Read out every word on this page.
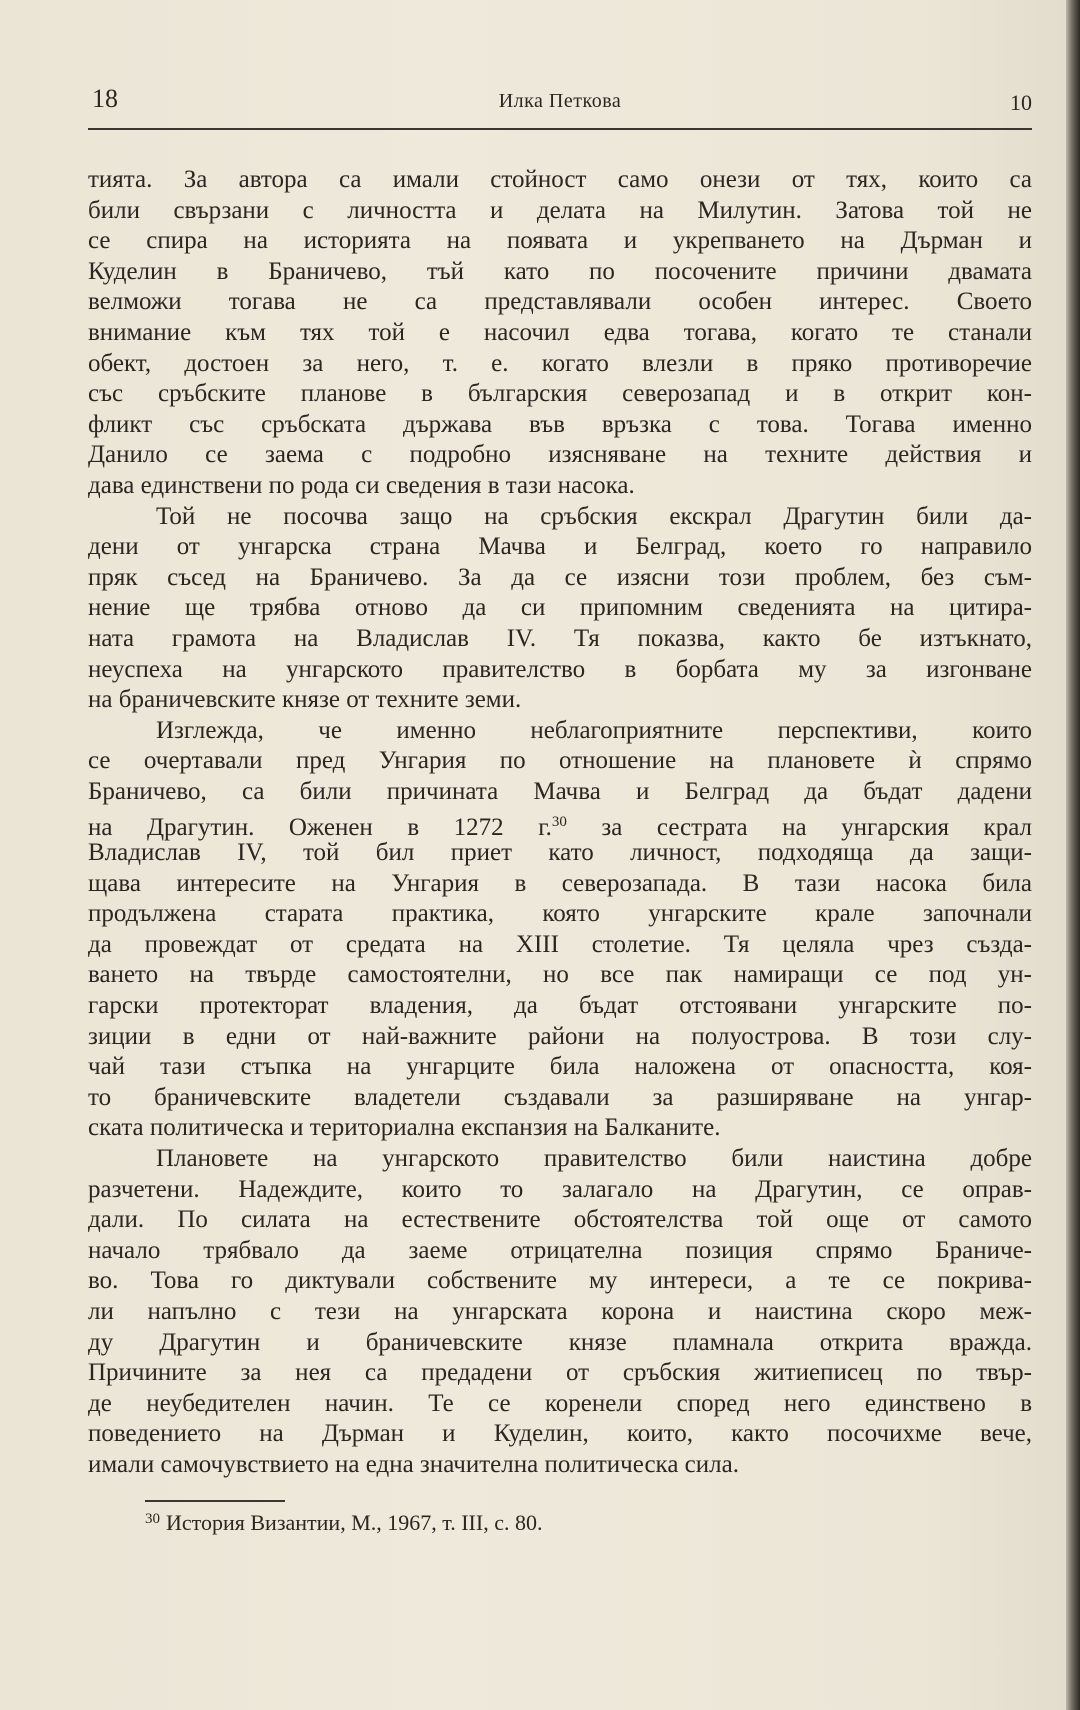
18	Илка Петкова	10
тията. За автора са имали стойност само онези от тях, които са
били свързани с личността и делата на Милутин. Затова той не
се спира на историята на появата и укрепването на Дърман и
Куделин в Браничево, тъй като по посочените причини двамата
велможи тогава не са представлявали особен интерес. Своето
внимание към тях той е насочил едва тогава, когато те станали
обект, достоен за него, т. е. когато влезли в пряко противоречие
със сръбските планове в българския северозапад и в открит кон-
фликт със сръбската държава във връзка с това. Тогава именно
Данило се заема с подробно изясняване на техните действия и
дава единствени по рода си сведения в тази насока.
Той не посочва защо на сръбския екскрал Драгутин били да-
дени от унгарска страна Мачва и Белград, което го направило
пряк съсед на Браничево. За да се изясни този проблем, без съм-
нение ще трябва отново да си припомним сведенията на цитира-
ната грамота на Владислав IV. Тя показва, както бе изтъкнато,
неуспеха на унгарското правителство в борбата му за изгонване
на браничевските князе от техните земи.
Изглежда, че именно неблагоприятните перспективи, които
се очертавали пред Унгария по отношение на плановете ѝ спрямо
Браничево, са били причината Мачва и Белград да бъдат дадени
на Драгутин. Оженен в 1272 г.$^{30}$ за сестрата на унгарския крал
Владислав IV, той бил приет като личност, подходяща да защи-
щава интересите на Унгария в северозапада. В тази насока била
продължена старата практика, която унгарските крале започнали
да провеждат от средата на XIII столетие. Тя целяла чрез създа-
ването на твърде самостоятелни, но все пак намиращи се под ун-
гарски протекторат владения, да бъдат отстоявани унгарските по-
зиции в едни от най-важните райони на полуострова. В този слу-
чай тази стъпка на унгарците била наложена от опасността, коя-
то браничевските владетели създавали за разширяване на унгар-
ската политическа и териториална експанзия на Балканите.
Плановете на унгарското правителство били наистина добре
разчетени. Надеждите, които то залагало на Драгутин, се оправ-
дали. По силата на естествените обстоятелства той още от самото
начало трябвало да заеме отрицателна позиция спрямо Браниче-
во. Това го диктували собствените му интереси, а те се покрива-
ли напълно с тези на унгарската корона и наистина скоро меж-
ду Драгутин и браничевските князе пламнала открита вражда.
Причините за нея са предадени от сръбския житиеписец по твър-
де неубедителен начин. Те се коренели според него единствено в
поведението на Дърман и Куделин, които, както посочихме вече,
имали самочувствието на една значителна политическа сила.
$^{30}$ История Византии, М., 1967, т. III, с. 80.
